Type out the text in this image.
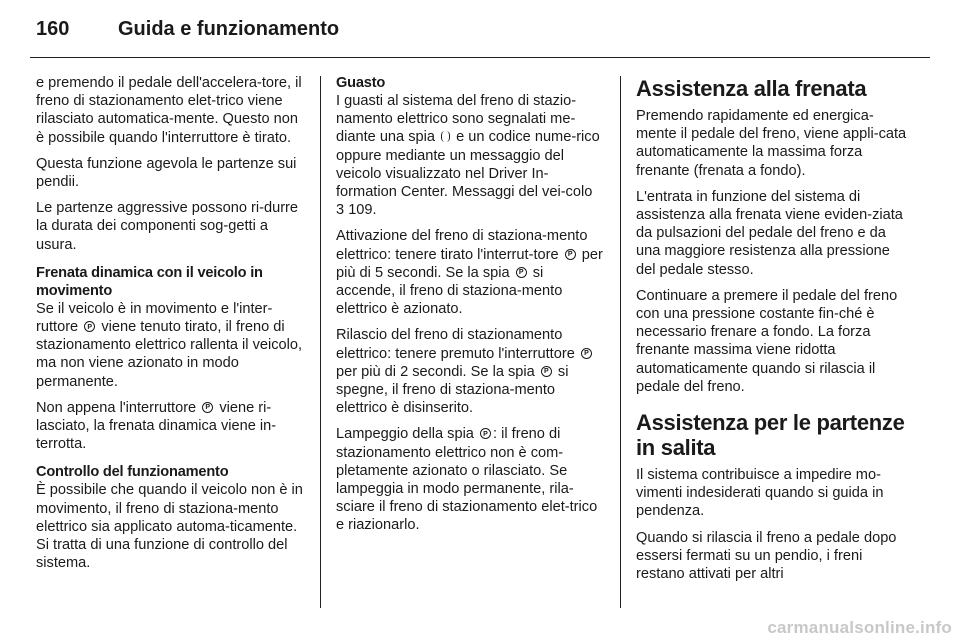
160 Guida e funzionamento

e premendo il pedale dell'accelera-tore, il freno di stazionamento elet-trico viene rilasciato automatica-mente. Questo non è possibile quando l'interruttore è tirato.

Questa funzione agevola le partenze sui pendii.

Le partenze aggressive possono ri-durre la durata dei componenti sog-getti a usura.

Frenata dinamica con il veicolo in movimento

Se il veicolo è in movimento e l'inter-ruttore P viene tenuto tirato, il freno di stazionamento elettrico rallenta il veicolo, ma non viene azionato in modo permanente.

Non appena l'interruttore P viene ri-lasciato, la frenata dinamica viene in-terrotta.

Controllo del funzionamento

È possibile che quando il veicolo non è in movimento, il freno di staziona-mento elettrico sia applicato automa-ticamente. Si tratta di una funzione di controllo del sistema.

Guasto

I guasti al sistema del freno di stazio-namento elettrico sono segnalati me-diante una spia e un codice nume-rico oppure mediante un messaggio del veicolo visualizzato nel Driver In-formation Center. Messaggi del vei-colo 3 109.

Attivazione del freno di staziona-mento elettrico: tenere tirato l'interrut-tore P per più di 5 secondi. Se la spia P si accende, il freno di staziona-mento elettrico è azionato.

Rilascio del freno di stazionamento elettrico: tenere premuto l'interruttore P per più di 2 secondi. Se la spia P si spegne, il freno di staziona-mento elettrico è disinserito.

Lampeggio della spia P : il freno di stazionamento elettrico non è com-pletamente azionato o rilasciato. Se lampeggia in modo permanente, rila-sciare il freno di stazionamento elet-trico e riazionarlo.

Assistenza alla frenata

Premendo rapidamente ed energica-mente il pedale del freno, viene appli-cata automaticamente la massima forza frenante (frenata a fondo).

L'entrata in funzione del sistema di assistenza alla frenata viene eviden-ziata da pulsazioni del pedale del freno e da una maggiore resistenza alla pressione del pedale stesso.

Continuare a premere il pedale del freno con una pressione costante fin-ché è necessario frenare a fondo. La forza frenante massima viene ridotta automaticamente quando si rilascia il pedale del freno.

Assistenza per le partenze in salita

Il sistema contribuisce a impedire mo-vimenti indesiderati quando si guida in pendenza.

Quando si rilascia il freno a pedale dopo essersi fermati su un pendio, i freni restano attivati per altri

carmanualsonline.info
